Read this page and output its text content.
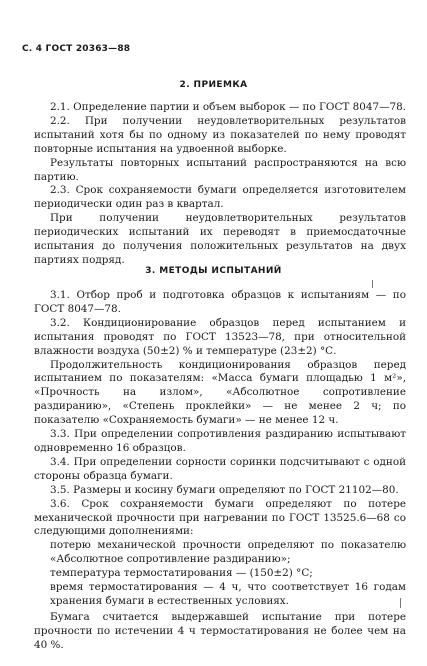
С. 4 ГОСТ 20363—88
2. ПРИЕМКА

2.1. Определение партии и объем выборок — по ГОСТ 8047—78.

2.2. При получении неудовлетворительных результатов испытаний хотя бы по одному из показателей по нему проводят повторные испытания на удвоенной выборке.

Результаты повторных испытаний распространяются на всю партию.

2.3. Срок сохраняемости бумаги определяется изготовителем периодически один раз в квартал.

При получении неудовлетворительных результатов периодических испытаний их переводят в приемосдаточные испытания до получения положительных результатов на двух партиях подряд.

3. МЕТОДЫ ИСПЫТАНИЙ

3.1. Отбор проб и подготовка образцов к испытаниям — по ГОСТ 8047—78.

3.2. Кондиционирование образцов перед испытанием и испытания проводят по ГОСТ 13523—78, при относительной влажности воздуха (50±2) % и температуре (23±2) °С.

Продолжительность кондиционирования образцов перед испытанием по показателям: «Масса бумаги площадью 1 м²», «Прочность на излом», «Абсолютное сопротивление раздиранию», «Степень проклейки» — не менее 2 ч; по показателю «Сохраняемость бумаги» — не менее 12 ч.

3.3. При определении сопротивления раздиранию испытывают одновременно 16 образцов.

3.4. При определении сорности соринки подсчитывают с одной стороны образца бумаги.

3.5. Размеры и косину бумаги определяют по ГОСТ 21102—80.

3.6. Срок сохраняемости бумаги определяют по потере механической прочности при нагревании по ГОСТ 13525.6—68 со следующими дополнениями:

потерю механической прочности определяют по показателю «Абсолютное сопротивление раздиранию»;

температура термостатирования — (150±2) °С;

время термостатирования — 4 ч, что соответствует 16 годам хранения бумаги в естественных условиях.

Бумага считается выдержавшей испытание при потере прочности по истечении 4 ч термостатирования не более чем на 40 %.
